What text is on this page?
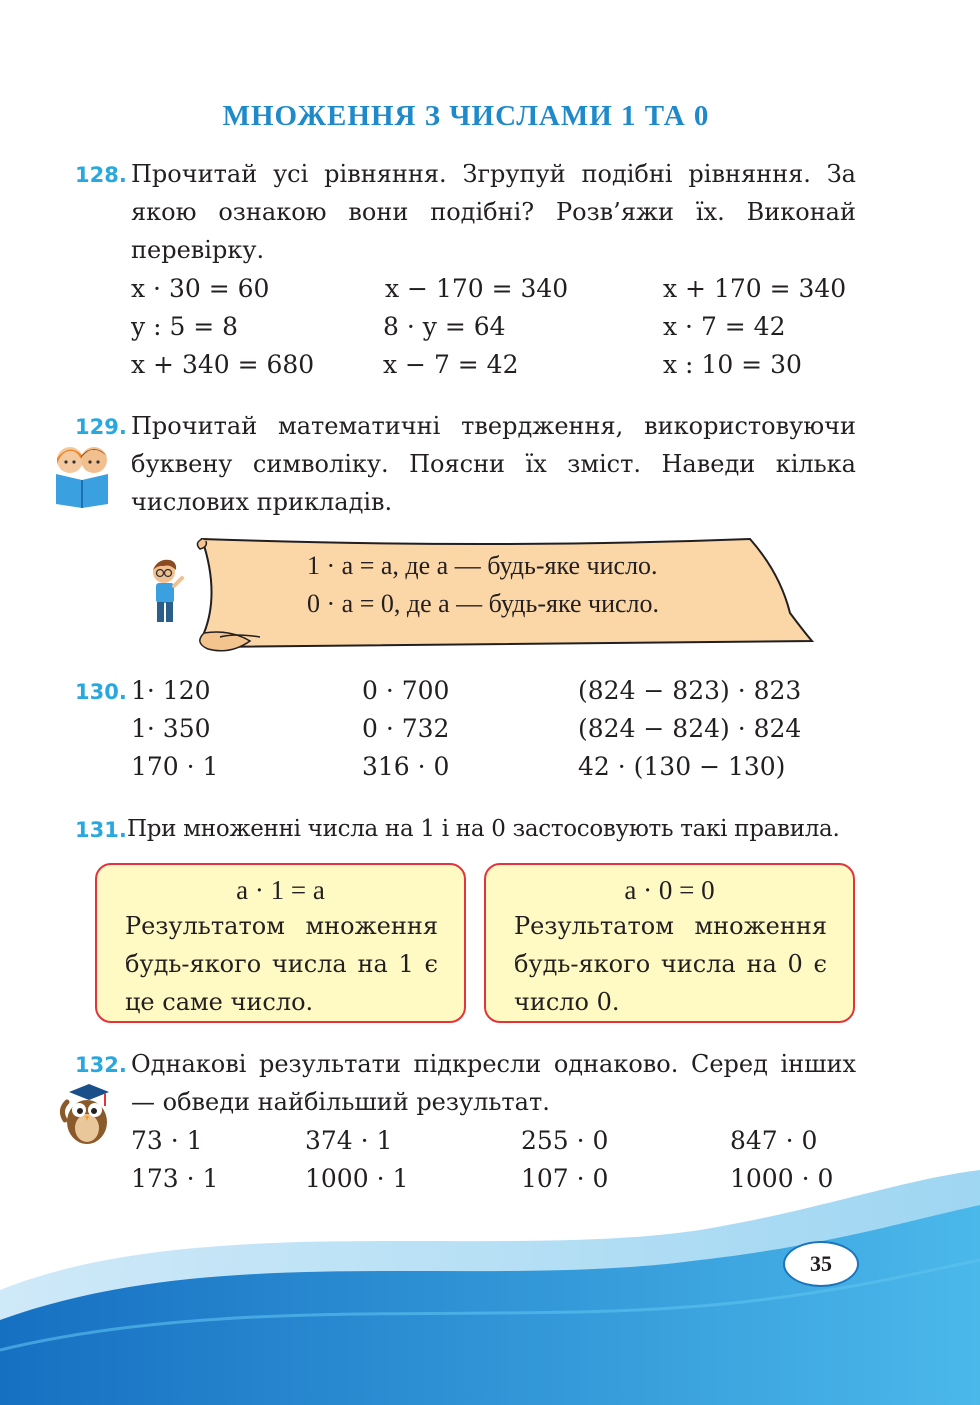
МНОЖЕННЯ З ЧИСЛАМИ 1 ТА 0
128. Прочитай усі рівняння. Згрупуй подібні рівняння. За якою ознакою вони подібні? Розв’яжи їх. Виконай перевірку.
x · 30 = 60	x − 170 = 340	x + 170 = 340
y : 5 = 8	8 · y = 64	x · 7 = 42
x + 340 = 680	x − 7 = 42	x : 10 = 30
129. Прочитай математичні твердження, використовуючи буквену символіку. Поясни їх зміст. Наведи кілька числових прикладів.
1 · a = a, де a — будь-яке число.
0 · a = 0, де a — будь-яке число.
130. 1· 120	0 · 700	(824 − 823) · 823
1· 350	0 · 732	(824 − 824) · 824
170 · 1	316 · 0	42 · (130 − 130)
131. При множенні числа на 1 і на 0 застосовують такі правила.
a · 1 = a
Результатом множення будь-якого числа на 1 є це саме число.
a · 0 = 0
Результатом множення будь-якого числа на 0 є число 0.
132. Однакові результати підкресли однаково. Серед інших — обведи найбільший результат.
73 · 1	374 · 1	255 · 0	847 · 0
173 · 1	1000 · 1	107 · 0	1000 · 0
35
